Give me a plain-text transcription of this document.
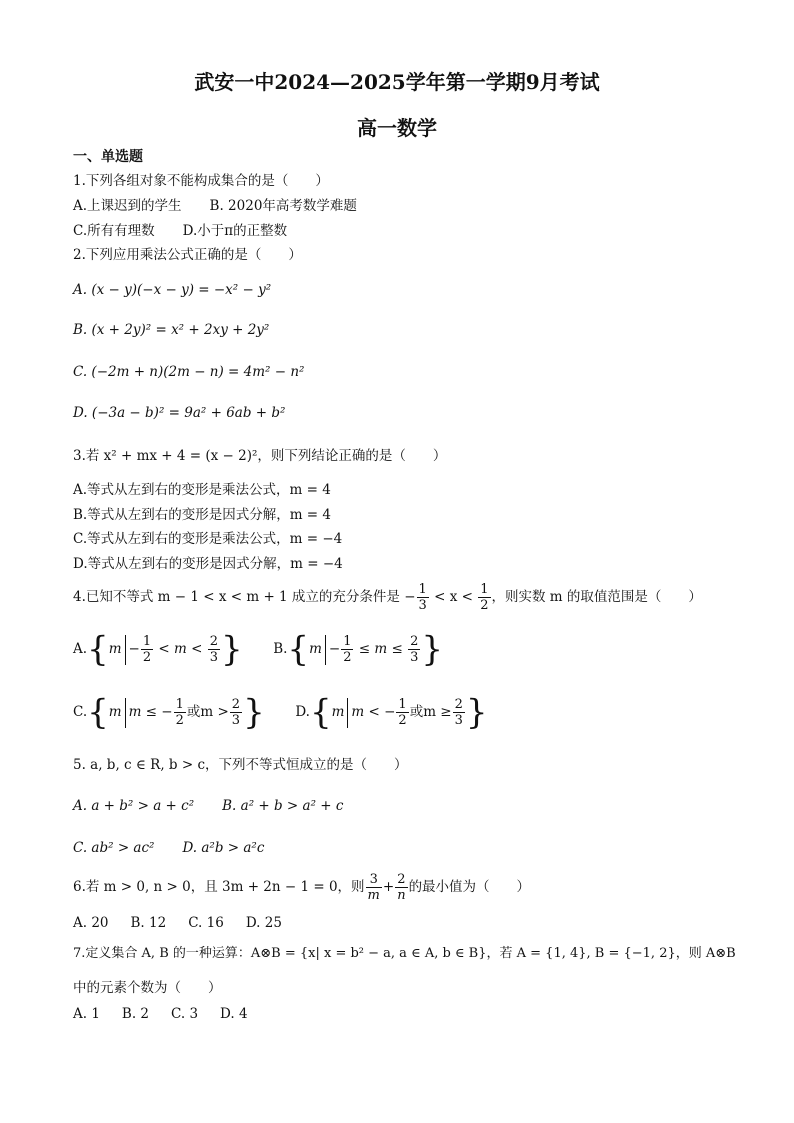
武安一中2024—2025学年第一学期9月考试
高一数学
一、单选题
1.下列各组对象不能构成集合的是（　　）
A.上课迟到的学生 B. 2020年高考数学难题
C.所有有理数 D.小于π的正整数
2.下列应用乘法公式正确的是（　　）
A. (x − y)(−x − y) = −x² − y²
B. (x + 2y)² = x² + 2xy + 2y²
C. (−2m + n)(2m − n) = 4m² − n²
D. (−3a − b)² = 9a² + 6ab + b²
3.若 x² + mx + 4 = (x − 2)²，则下列结论正确的是（　　）
A.等式从左到右的变形是乘法公式，m = 4
B.等式从左到右的变形是因式分解，m = 4
C.等式从左到右的变形是乘法公式，m = −4
D.等式从左到右的变形是因式分解，m = −4
4.已知不等式 m − 1 < x < m + 1 成立的充分条件是 − $\frac{1}{3} < x < \frac{1}{2}$ ，则实数 m 的取值范围是（　　）
$A.\{m - \frac{1}{2} < m < \frac{2}{3}$ } $B.\{m - \frac{1}{2} \le m \le \frac{2}{3}$ }
C.{m m ≤ − $\frac{1}{2}$ 或$m > \frac{2}{3}$ } D.{m m < − $\frac{1}{2}$ 或$m \ge \frac{2}{3}$ }
5. a, b, c ∈ R, b > c，下列不等式恒成立的是（　　）
A. a + b² > a + c² B. a² + b > a² + c
C. ab² > ac² D. a²b > a²c
6.若 m > 0, n > 0，且 3m + 2n − 1 = 0，则 $\frac{3}{m} + \frac{2}{n}$ 的最小值为（　　）
A. 20 B. 12 C. 16 D. 25
7.定义集合 A, B 的一种运算：A⊗B = {x| x = b² − a, a ∈ A, b ∈ B}，若 A = {1, 4}, B = {−1, 2}，则 A⊗B
中的元素个数为（　　）
A. 1 B. 2 C. 3 D. 4
